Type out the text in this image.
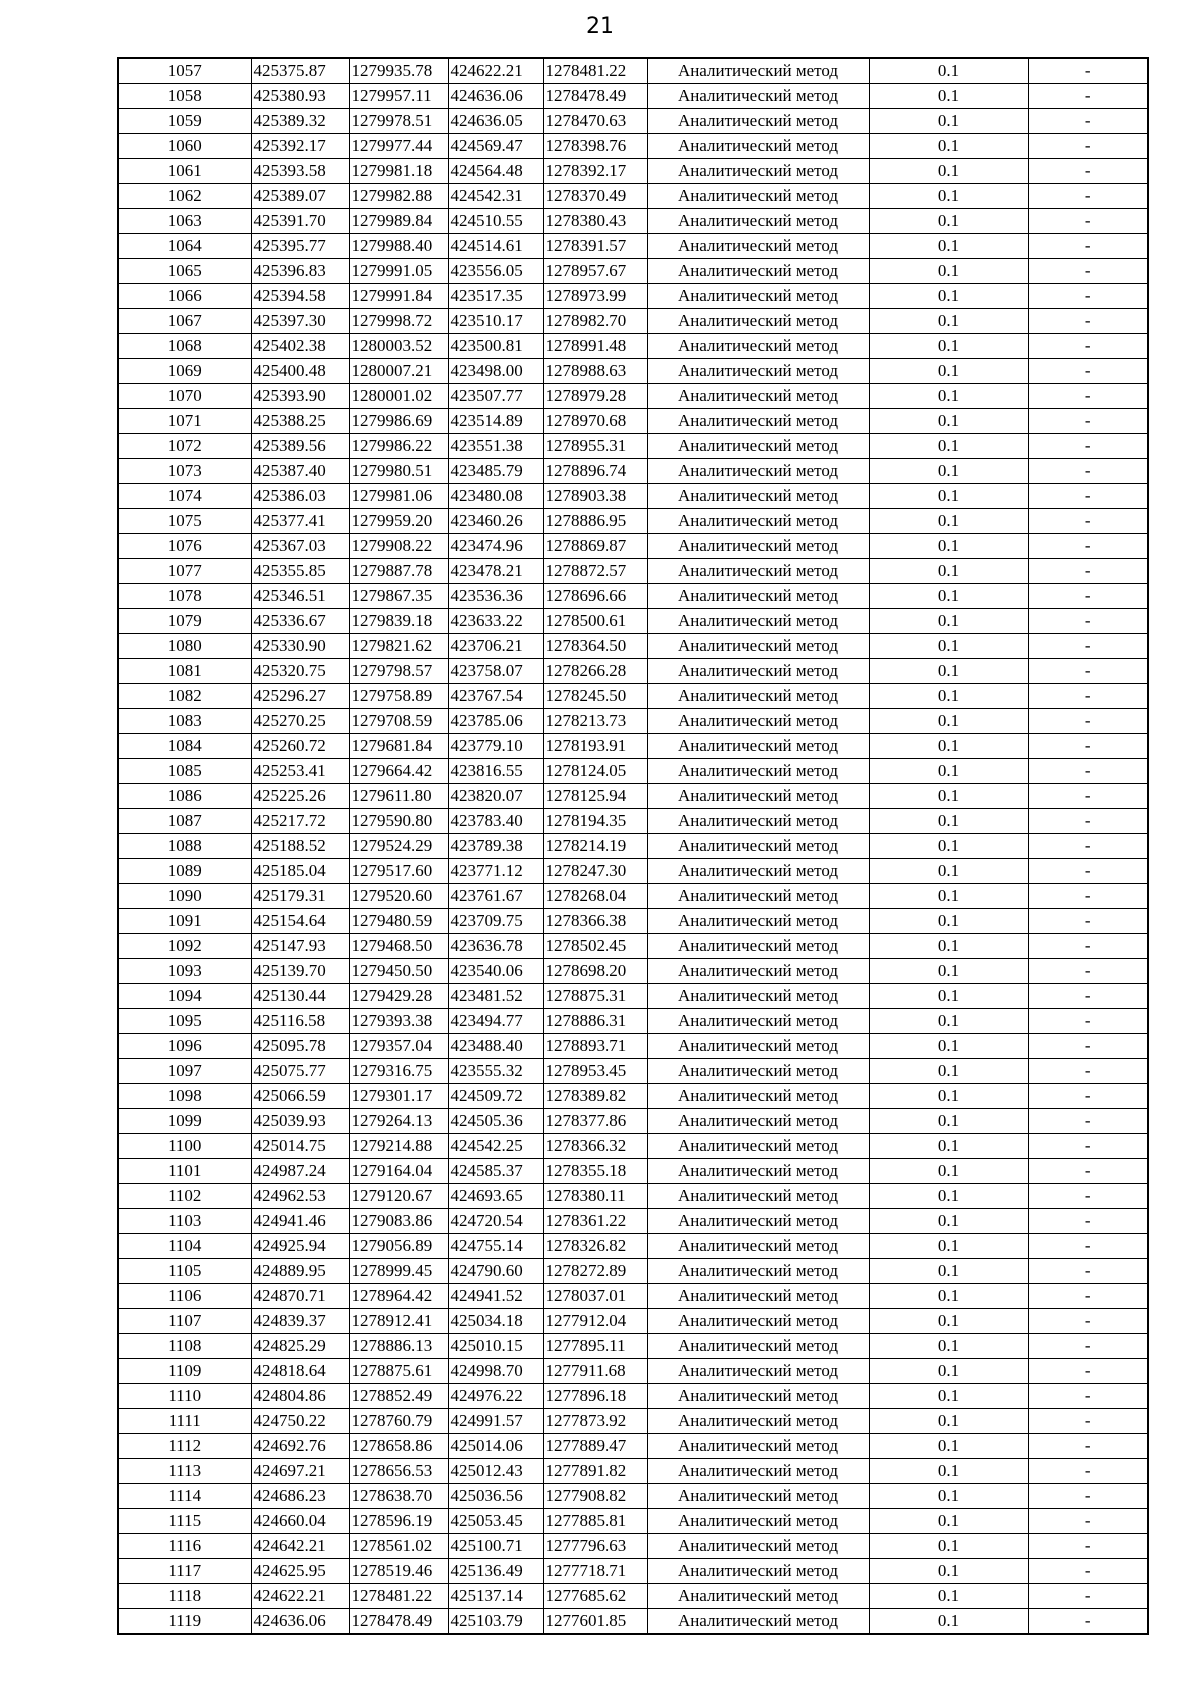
21
1057	425375.87	1279935.78	424622.21	1278481.22	Аналитический метод	0.1	-
1058	425380.93	1279957.11	424636.06	1278478.49	Аналитический метод	0.1	-
1059	425389.32	1279978.51	424636.05	1278470.63	Аналитический метод	0.1	-
1060	425392.17	1279977.44	424569.47	1278398.76	Аналитический метод	0.1	-
1061	425393.58	1279981.18	424564.48	1278392.17	Аналитический метод	0.1	-
1062	425389.07	1279982.88	424542.31	1278370.49	Аналитический метод	0.1	-
1063	425391.70	1279989.84	424510.55	1278380.43	Аналитический метод	0.1	-
1064	425395.77	1279988.40	424514.61	1278391.57	Аналитический метод	0.1	-
1065	425396.83	1279991.05	423556.05	1278957.67	Аналитический метод	0.1	-
1066	425394.58	1279991.84	423517.35	1278973.99	Аналитический метод	0.1	-
1067	425397.30	1279998.72	423510.17	1278982.70	Аналитический метод	0.1	-
1068	425402.38	1280003.52	423500.81	1278991.48	Аналитический метод	0.1	-
1069	425400.48	1280007.21	423498.00	1278988.63	Аналитический метод	0.1	-
1070	425393.90	1280001.02	423507.77	1278979.28	Аналитический метод	0.1	-
1071	425388.25	1279986.69	423514.89	1278970.68	Аналитический метод	0.1	-
1072	425389.56	1279986.22	423551.38	1278955.31	Аналитический метод	0.1	-
1073	425387.40	1279980.51	423485.79	1278896.74	Аналитический метод	0.1	-
1074	425386.03	1279981.06	423480.08	1278903.38	Аналитический метод	0.1	-
1075	425377.41	1279959.20	423460.26	1278886.95	Аналитический метод	0.1	-
1076	425367.03	1279908.22	423474.96	1278869.87	Аналитический метод	0.1	-
1077	425355.85	1279887.78	423478.21	1278872.57	Аналитический метод	0.1	-
1078	425346.51	1279867.35	423536.36	1278696.66	Аналитический метод	0.1	-
1079	425336.67	1279839.18	423633.22	1278500.61	Аналитический метод	0.1	-
1080	425330.90	1279821.62	423706.21	1278364.50	Аналитический метод	0.1	-
1081	425320.75	1279798.57	423758.07	1278266.28	Аналитический метод	0.1	-
1082	425296.27	1279758.89	423767.54	1278245.50	Аналитический метод	0.1	-
1083	425270.25	1279708.59	423785.06	1278213.73	Аналитический метод	0.1	-
1084	425260.72	1279681.84	423779.10	1278193.91	Аналитический метод	0.1	-
1085	425253.41	1279664.42	423816.55	1278124.05	Аналитический метод	0.1	-
1086	425225.26	1279611.80	423820.07	1278125.94	Аналитический метод	0.1	-
1087	425217.72	1279590.80	423783.40	1278194.35	Аналитический метод	0.1	-
1088	425188.52	1279524.29	423789.38	1278214.19	Аналитический метод	0.1	-
1089	425185.04	1279517.60	423771.12	1278247.30	Аналитический метод	0.1	-
1090	425179.31	1279520.60	423761.67	1278268.04	Аналитический метод	0.1	-
1091	425154.64	1279480.59	423709.75	1278366.38	Аналитический метод	0.1	-
1092	425147.93	1279468.50	423636.78	1278502.45	Аналитический метод	0.1	-
1093	425139.70	1279450.50	423540.06	1278698.20	Аналитический метод	0.1	-
1094	425130.44	1279429.28	423481.52	1278875.31	Аналитический метод	0.1	-
1095	425116.58	1279393.38	423494.77	1278886.31	Аналитический метод	0.1	-
1096	425095.78	1279357.04	423488.40	1278893.71	Аналитический метод	0.1	-
1097	425075.77	1279316.75	423555.32	1278953.45	Аналитический метод	0.1	-
1098	425066.59	1279301.17	424509.72	1278389.82	Аналитический метод	0.1	-
1099	425039.93	1279264.13	424505.36	1278377.86	Аналитический метод	0.1	-
1100	425014.75	1279214.88	424542.25	1278366.32	Аналитический метод	0.1	-
1101	424987.24	1279164.04	424585.37	1278355.18	Аналитический метод	0.1	-
1102	424962.53	1279120.67	424693.65	1278380.11	Аналитический метод	0.1	-
1103	424941.46	1279083.86	424720.54	1278361.22	Аналитический метод	0.1	-
1104	424925.94	1279056.89	424755.14	1278326.82	Аналитический метод	0.1	-
1105	424889.95	1278999.45	424790.60	1278272.89	Аналитический метод	0.1	-
1106	424870.71	1278964.42	424941.52	1278037.01	Аналитический метод	0.1	-
1107	424839.37	1278912.41	425034.18	1277912.04	Аналитический метод	0.1	-
1108	424825.29	1278886.13	425010.15	1277895.11	Аналитический метод	0.1	-
1109	424818.64	1278875.61	424998.70	1277911.68	Аналитический метод	0.1	-
1110	424804.86	1278852.49	424976.22	1277896.18	Аналитический метод	0.1	-
1111	424750.22	1278760.79	424991.57	1277873.92	Аналитический метод	0.1	-
1112	424692.76	1278658.86	425014.06	1277889.47	Аналитический метод	0.1	-
1113	424697.21	1278656.53	425012.43	1277891.82	Аналитический метод	0.1	-
1114	424686.23	1278638.70	425036.56	1277908.82	Аналитический метод	0.1	-
1115	424660.04	1278596.19	425053.45	1277885.81	Аналитический метод	0.1	-
1116	424642.21	1278561.02	425100.71	1277796.63	Аналитический метод	0.1	-
1117	424625.95	1278519.46	425136.49	1277718.71	Аналитический метод	0.1	-
1118	424622.21	1278481.22	425137.14	1277685.62	Аналитический метод	0.1	-
1119	424636.06	1278478.49	425103.79	1277601.85	Аналитический метод	0.1	-
